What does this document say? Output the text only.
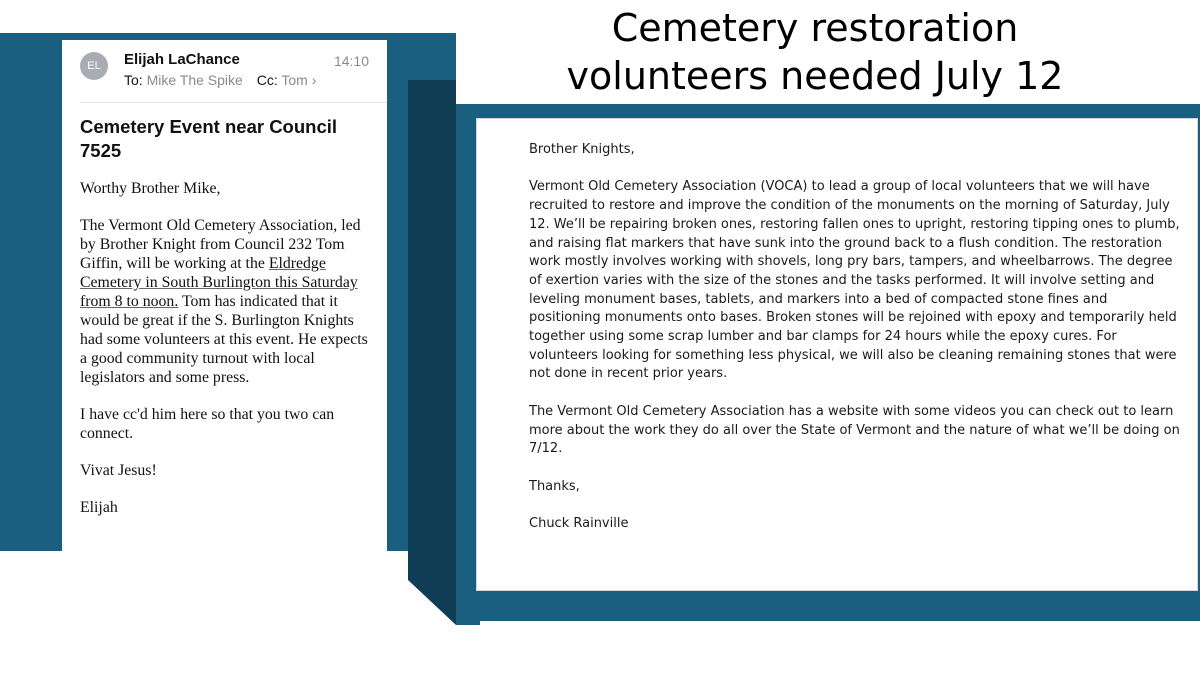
EL	Elijah LaChance	14:10
To: Mike The Spike Cc: Tom ›
Cemetery Event near Council 7525

Worthy Brother Mike,

The Vermont Old Cemetery Association, led by Brother Knight from Council 232 Tom Giffin, will be working at the Eldredge Cemetery in South Burlington this Saturday from 8 to noon. Tom has indicated that it would be great if the S. Burlington Knights had some volunteers at this event. He expects a good community turnout with local legislators and some press.

I have cc'd him here so that you two can connect.

Vivat Jesus!

Elijah

Cemetery restoration volunteers needed July 12

Brother Knights,

Vermont Old Cemetery Association (VOCA) to lead a group of local volunteers that we will have recruited to restore and improve the condition of the monuments on the morning of Saturday, July 12. We’ll be repairing broken ones, restoring fallen ones to upright, restoring tipping ones to plumb, and raising flat markers that have sunk into the ground back to a flush condition. The restoration work mostly involves working with shovels, long pry bars, tampers, and wheelbarrows. The degree of exertion varies with the size of the stones and the tasks performed. It will involve setting and leveling monument bases, tablets, and markers into a bed of compacted stone fines and positioning monuments onto bases. Broken stones will be rejoined with epoxy and temporarily held together using some scrap lumber and bar clamps for 24 hours while the epoxy cures. For volunteers looking for something less physical, we will also be cleaning remaining stones that were not done in recent prior years.

The Vermont Old Cemetery Association has a website with some videos you can check out to learn more about the work they do all over the State of Vermont and the nature of what we’ll be doing on 7/12.

Thanks,

Chuck Rainville
